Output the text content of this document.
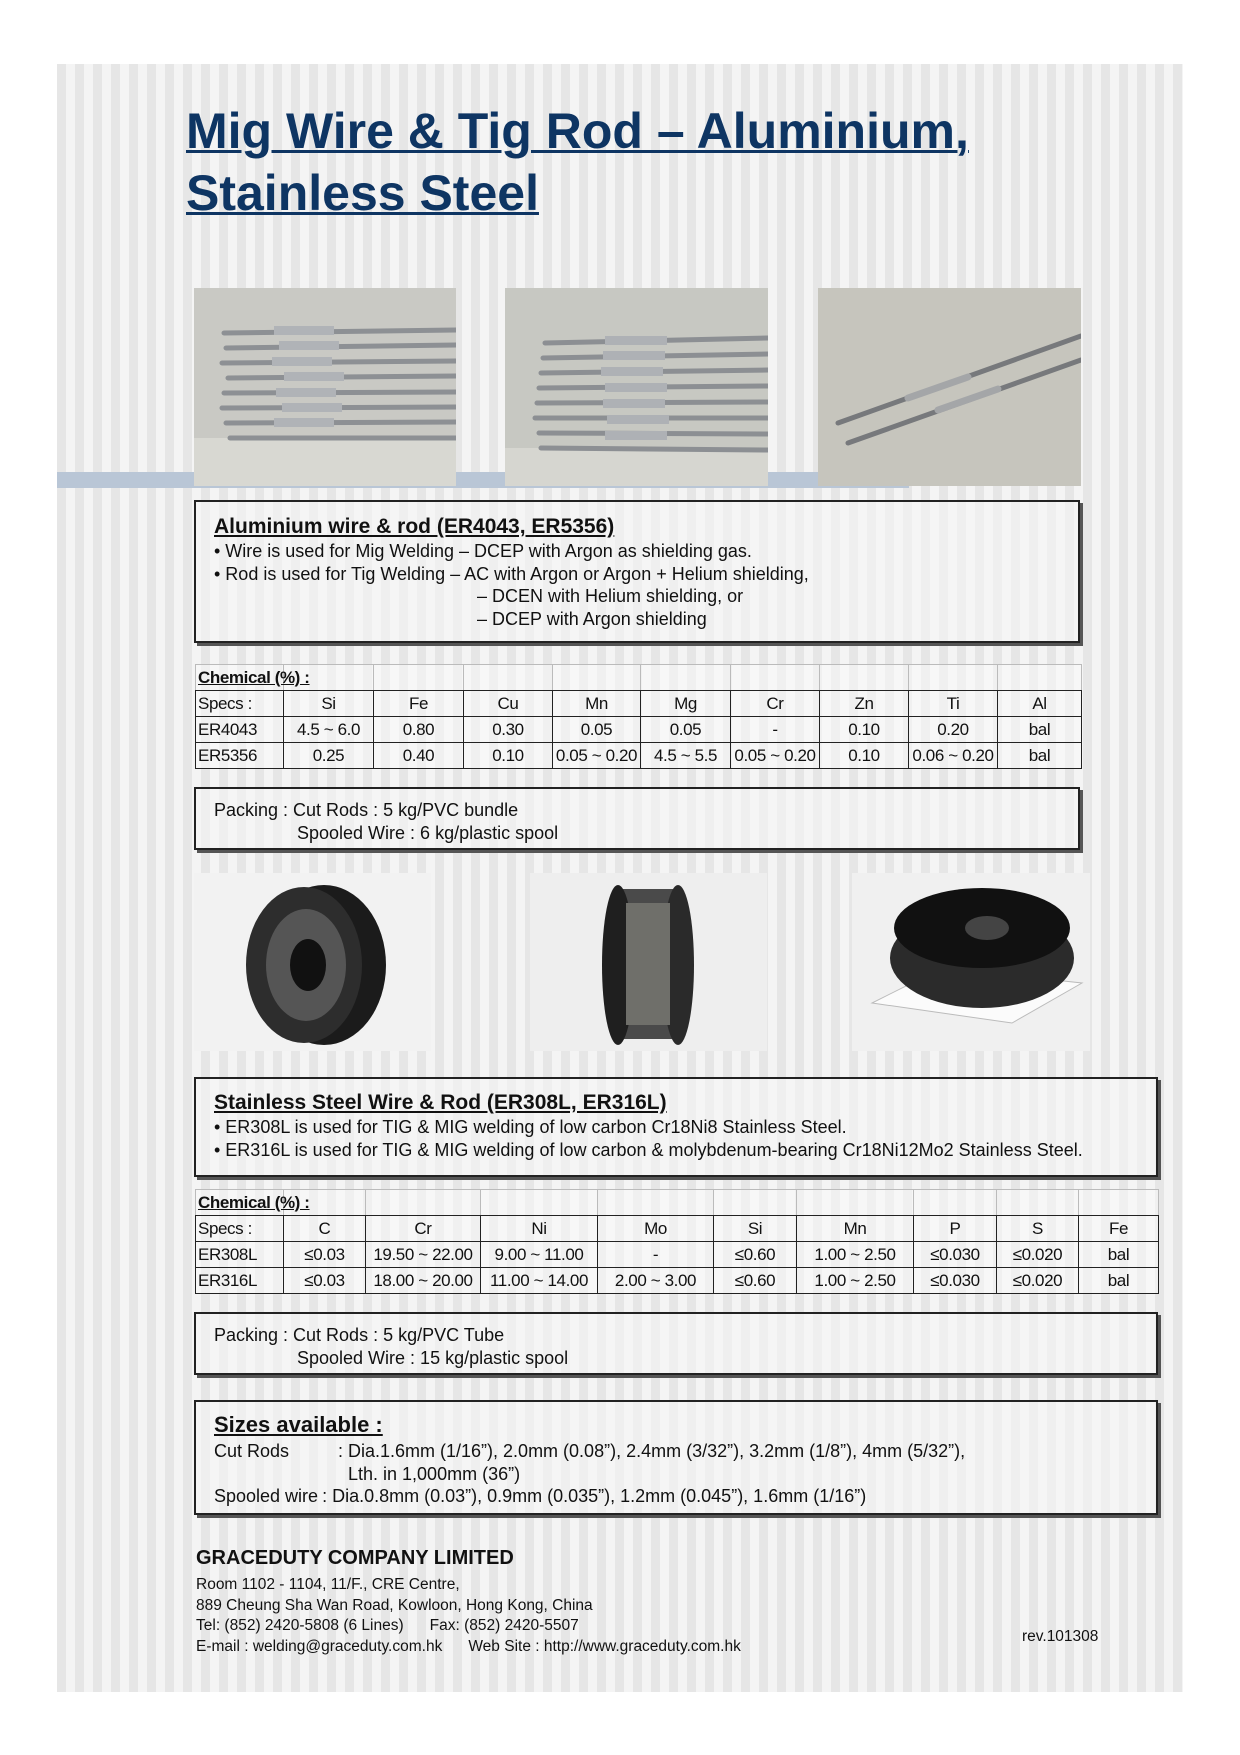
Mig Wire & Tig Rod – Aluminium, Stainless Steel
Aluminium wire & rod (ER4043, ER5356)

• Wire is used for Mig Welding – DCEP with Argon as shielding gas.

• Rod is used for Tig Welding – AC with Argon or Argon + Helium shielding,

– DCEN with Helium shielding, or

– DCEP with Argon shielding

Chemical (%) :									
Specs :	Si	Fe	Cu	Mn	Mg	Cr	Zn	Ti	Al
ER4043	4.5 ~ 6.0	0.80	0.30	0.05	0.05	-	0.10	0.20	bal
ER5356	0.25	0.40	0.10	0.05 ~ 0.20	4.5 ~ 5.5	0.05 ~ 0.20	0.10	0.06 ~ 0.20	bal

Packing : Cut Rods : 5 kg/PVC bundle

Spooled Wire : 6 kg/plastic spool

Stainless Steel Wire & Rod (ER308L, ER316L)

• ER308L is used for TIG & MIG welding of low carbon Cr18Ni8 Stainless Steel.

• ER316L is used for TIG & MIG welding of low carbon & molybdenum-bearing Cr18Ni12Mo2 Stainless Steel.

Chemical (%) :									
Specs :	C	Cr	Ni	Mo	Si	Mn	P	S	Fe
ER308L	≤0.03	19.50 ~ 22.00	9.00 ~ 11.00	-	≤0.60	1.00 ~ 2.50	≤0.030	≤0.020	bal
ER316L	≤0.03	18.00 ~ 20.00	11.00 ~ 14.00	2.00 ~ 3.00	≤0.60	1.00 ~ 2.50	≤0.030	≤0.020	bal

Packing : Cut Rods : 5 kg/PVC Tube

Spooled Wire : 15 kg/plastic spool

Sizes available :
Cut Rods	: Dia.1.6mm (1/16”), 2.0mm (0.08”), 2.4mm (3/32”), 3.2mm (1/8”), 4mm (5/32”),
Lth. in 1,000mm (36”)
Spooled wire : Dia.0.8mm (0.03”), 0.9mm (0.035”), 1.2mm (0.045”), 1.6mm (1/16”)
GRACEDUTY COMPANY LIMITED
Room 1102 - 1104, 11/F., CRE Centre,
889 Cheung Sha Wan Road, Kowloon, Hong Kong, China
Tel: (852) 2420-5808 (6 Lines) Fax: (852) 2420-5507
E-mail : welding@graceduty.com.hk Web Site : http://www.graceduty.com.hk
rev.101308
